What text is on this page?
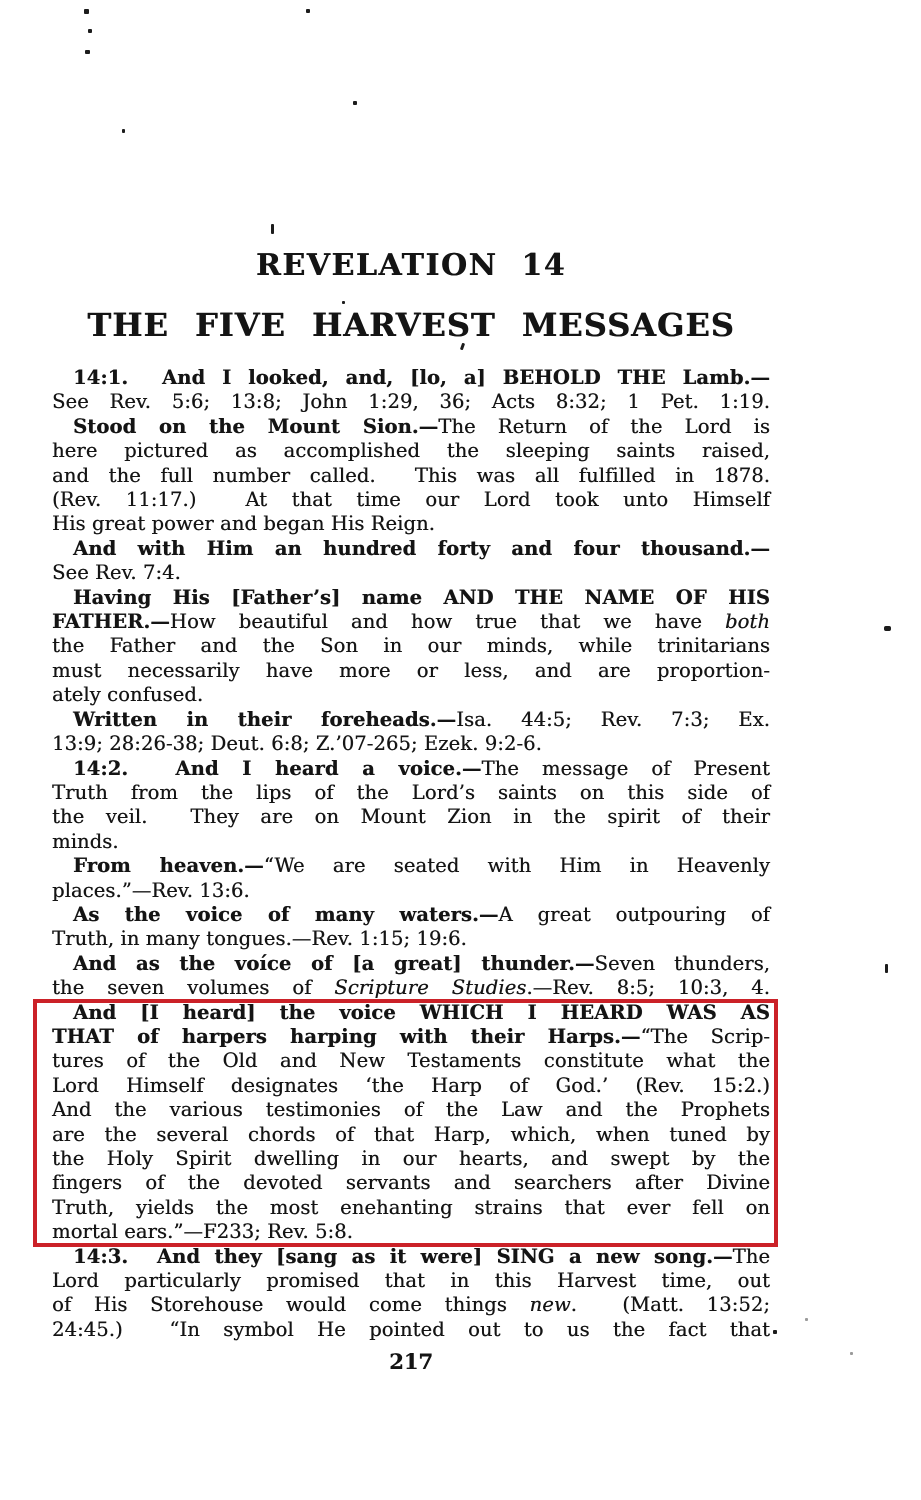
REVELATION 14
THE FIVE HARVEST MESSAGES
14:1.  And I looked, and, [lo, a] BEHOLD THE Lamb.—
See Rev. 5:6; 13:8; John 1:29, 36; Acts 8:32; 1 Pet. 1:19.
Stood on the Mount Sion.—The Return of the Lord is
here pictured as accomplished the sleeping saints raised,
and the full number called.  This was all fulfilled in 1878.
(Rev. 11:17.)  At that time our Lord took unto Himself
His great power and began His Reign.
And with Him an hundred forty and four thousand.—
See Rev. 7:4.
Having His [Father’s] name AND THE NAME OF HIS
FATHER.—How beautiful and how true that we have both
the Father and the Son in our minds, while trinitarians
must necessarily have more or less, and are proportion-
ately confused.
Written in their foreheads.—Isa. 44:5; Rev. 7:3; Ex.
13:9; 28:26-38; Deut. 6:8; Z.’07-265; Ezek. 9:2-6.
14:2.  And I heard a voice.—The message of Present
Truth from the lips of the Lord’s saints on this side of
the veil.  They are on Mount Zion in the spirit of their
minds.
From heaven.—“We are seated with Him in Heavenly
places.”—Rev. 13:6.
As the voice of many waters.—A great outpouring of
Truth, in many tongues.—Rev. 1:15; 19:6.
And as the voíce of [a great] thunder.—Seven thunders,
the seven volumes of Scripture Studies.—Rev. 8:5; 10:3, 4.
And [I heard] the voice WHICH I HEARD WAS AS
THAT of harpers harping with their Harps.—“The Scrip-
tures of the Old and New Testaments constitute what the
Lord Himself designates ‘the Harp of God.’ (Rev. 15:2.)
And the various testimonies of the Law and the Prophets
are the several chords of that Harp, which, when tuned by
the Holy Spirit dwelling in our hearts, and swept by the
fingers of the devoted servants and searchers after Divine
Truth, yields the most enehanting strains that ever fell on
mortal ears.”—F233; Rev. 5:8.
14:3.  And they [sang as it were] SING a new song.—The
Lord particularly promised that in this Harvest time, out
of His Storehouse would come things new.  (Matt. 13:52;
24:45.)  “In symbol He pointed out to us the fact that
217
